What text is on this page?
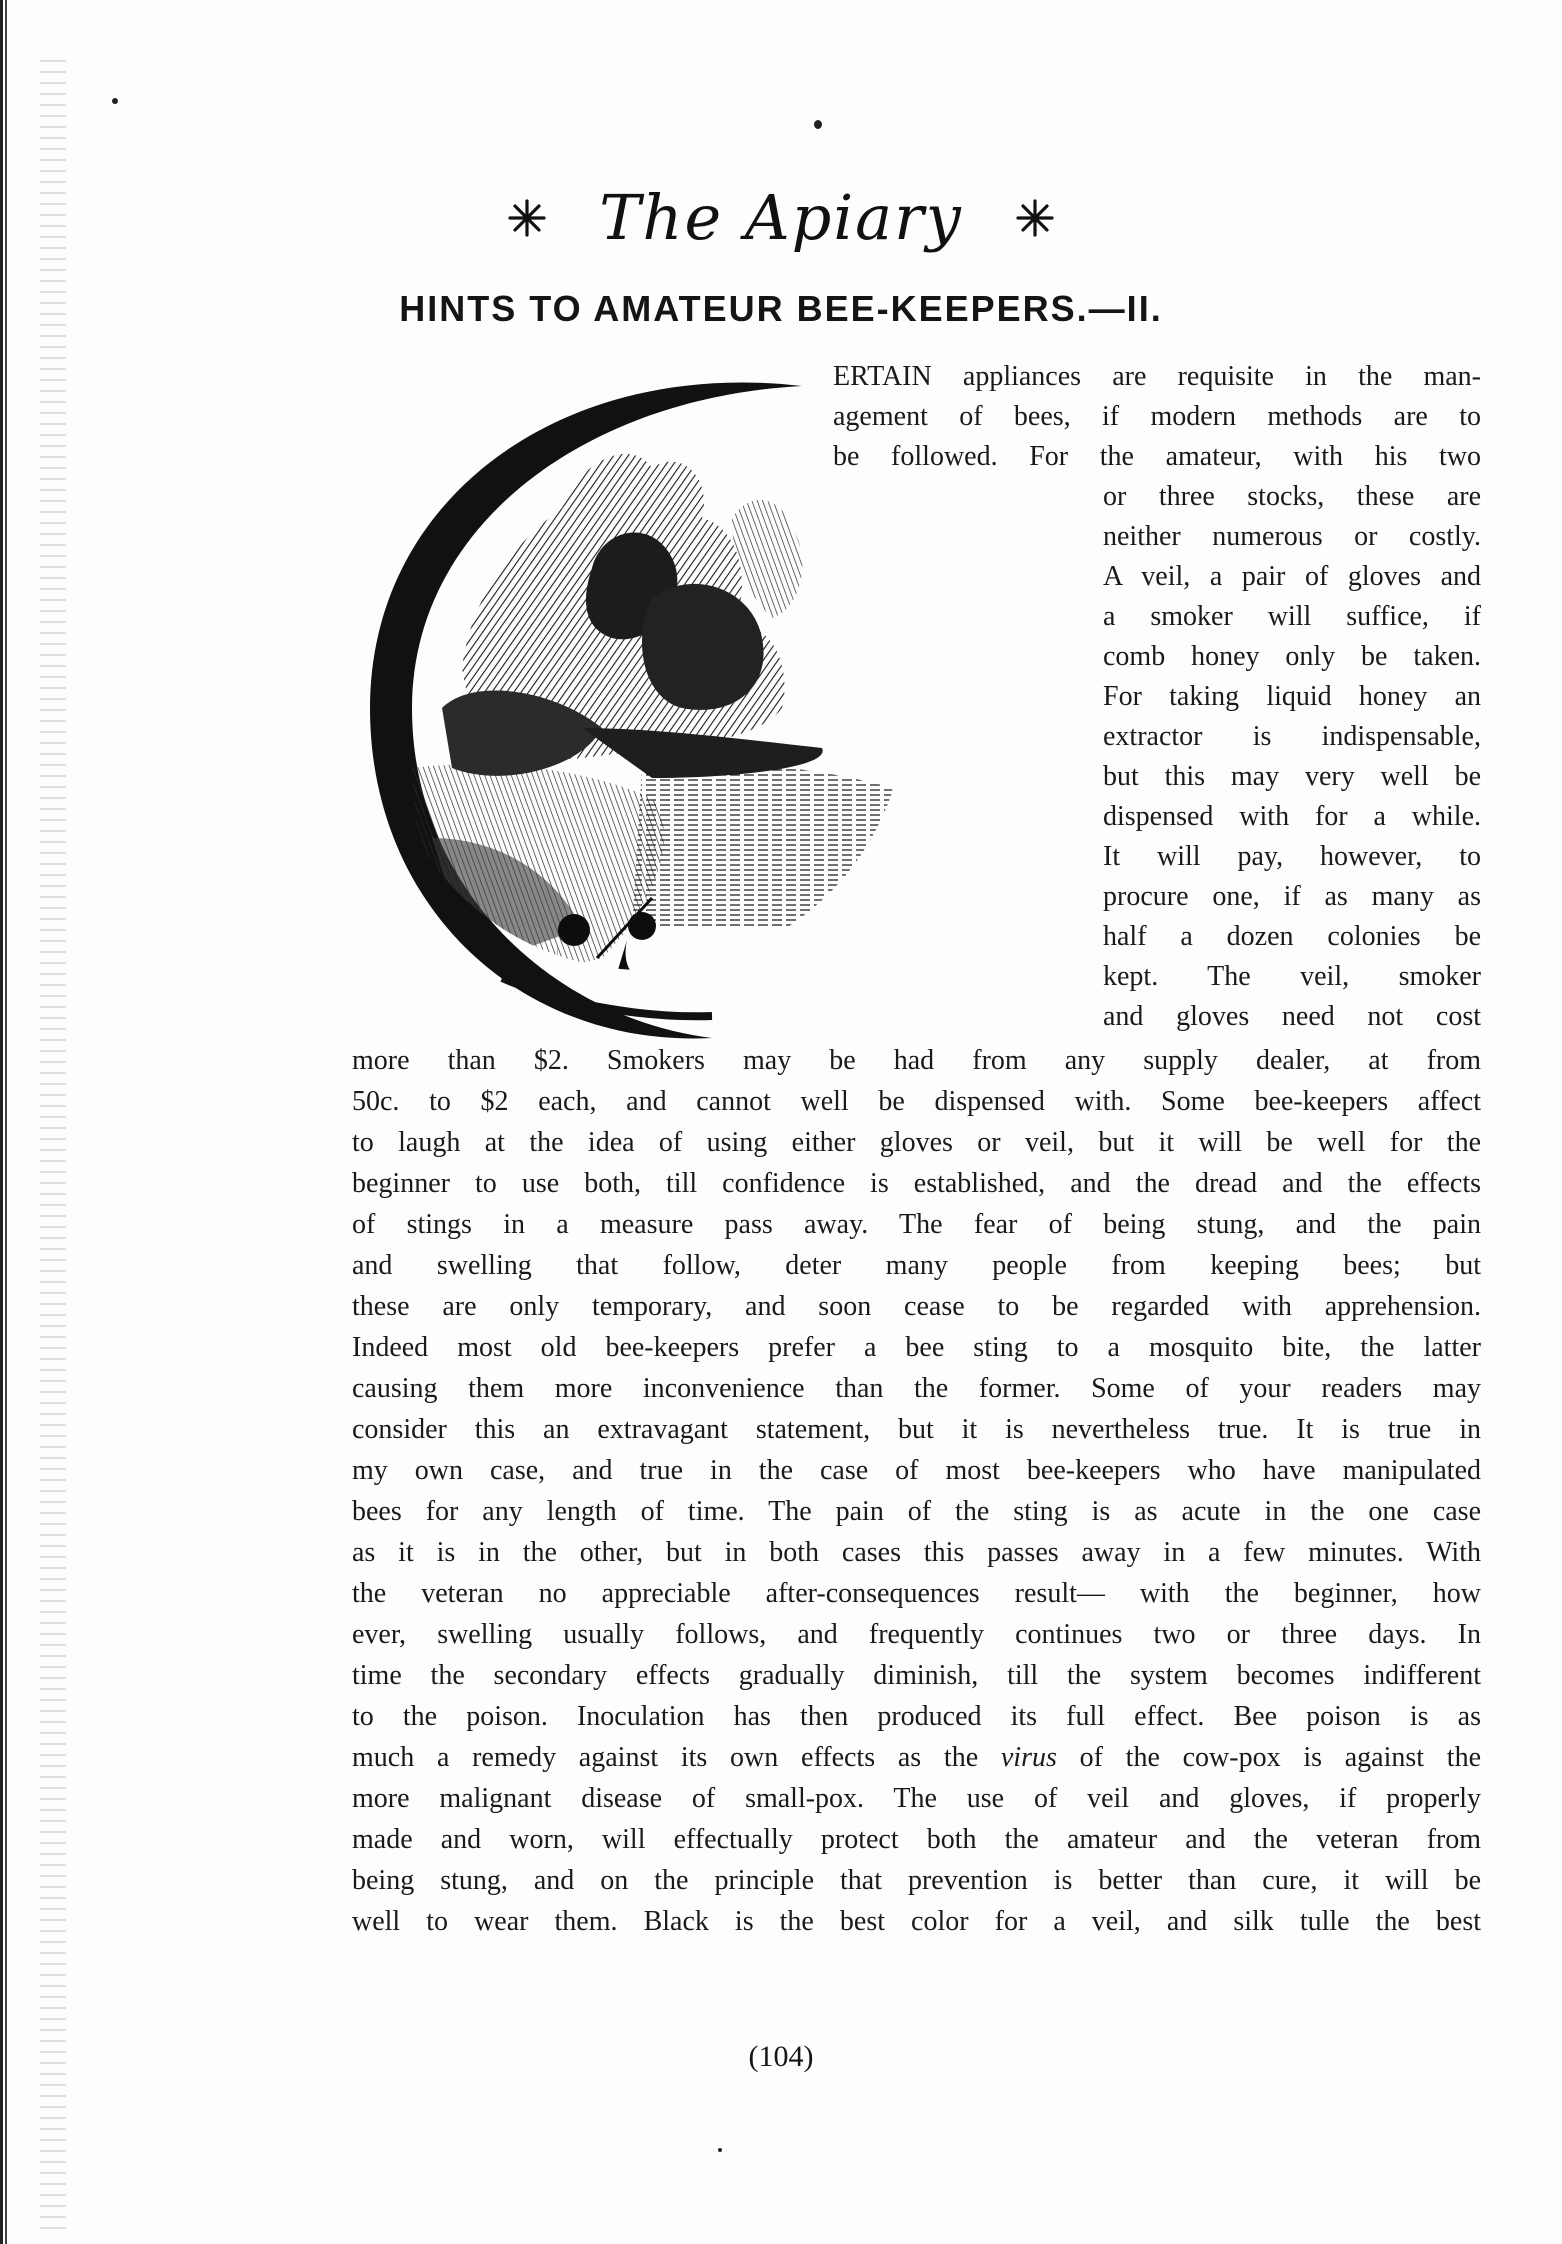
The Apiary
HINTS TO AMATEUR BEE-KEEPERS.—II.
ERTAIN appliances are requisite in the man-
agement of bees, if modern methods are to
be followed. For the amateur, with his two
or three stocks, these are
neither numerous or costly.
A veil, a pair of gloves and
a smoker will suffice, if
comb honey only be taken.
For taking liquid honey an
extractor is indispensable,
but this may very well be
dispensed with for a while.
It will pay, however, to
procure one, if as many as
half a dozen colonies be
kept. The veil, smoker
and gloves need not cost
more than $2. Smokers may be had from any supply dealer, at from
50c. to $2 each, and cannot well be dispensed with. Some bee-keepers affect
to laugh at the idea of using either gloves or veil, but it will be well for the
beginner to use both, till confidence is established, and the dread and the effects
of stings in a measure pass away. The fear of being stung, and the pain
and swelling that follow, deter many people from keeping bees; but
these are only temporary, and soon cease to be regarded with apprehension.
Indeed most old bee-keepers prefer a bee sting to a mosquito bite, the latter
causing them more inconvenience than the former. Some of your readers may
consider this an extravagant statement, but it is nevertheless true. It is true in
my own case, and true in the case of most bee-keepers who have manipulated
bees for any length of time. The pain of the sting is as acute in the one case
as it is in the other, but in both cases this passes away in a few minutes. With
the veteran no appreciable after-consequences result— with the beginner, how
ever, swelling usually follows, and frequently continues two or three days. In
time the secondary effects gradually diminish, till the system becomes indifferent
to the poison. Inoculation has then produced its full effect. Bee poison is as
much a remedy against its own effects as the virus of the cow-pox is against the
more malignant disease of small-pox. The use of veil and gloves, if properly
made and worn, will effectually protect both the amateur and the veteran from
being stung, and on the principle that prevention is better than cure, it will be
well to wear them. Black is the best color for a veil, and silk tulle the best
(104)
